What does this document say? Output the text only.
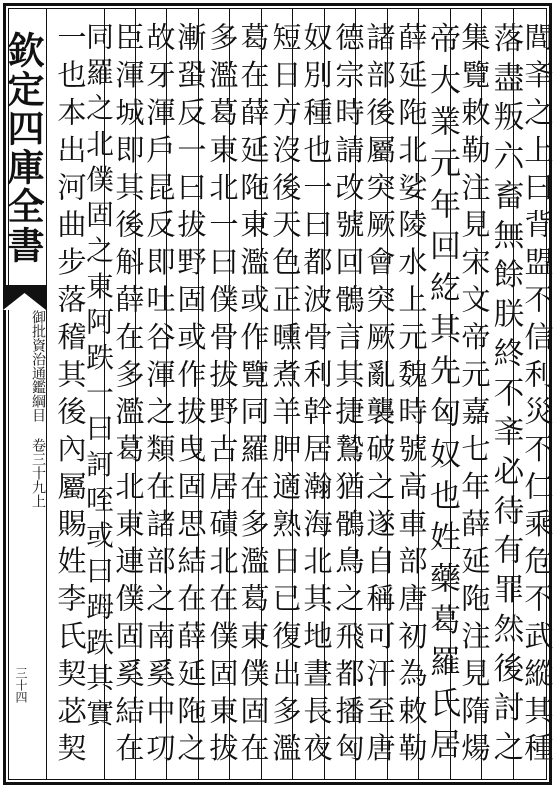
欽定四庫全書
御批資治通鑑綱目 卷三十九上
三十四	閭㪯之上曰背盟不信利災不仁乘危不武縱其種
落盡叛六畜無餘朕終不㪯必待有罪然後討之
集覽敕勒注見宋文帝元嘉七年薛延陁注見隋煬
帝大業元年回紇其先匈奴也姓藥葛羅氏居
薛延陁北娑陵水上元魏時號高車部唐初為敕勒
諸部後屬突厥會突厥亂襲破之遂自稱可汗至唐
德宗時請改號回鶻言其捷鷙猶鶻鳥之飛都播匈
奴別種也一曰都波骨利幹居瀚海北其地晝長夜
短日方沒後天色正曛煮羊胛適熟日已復出多濫
葛在薛延陁東濫或作覽同羅在多濫葛東僕固在
多濫葛東北一曰僕骨拔野古居磧北在僕固東拔
漸蛩反一曰拔野固或作拔曳固思結在薛延陁之
故牙渾戶昆反即吐谷渾之類在諸部之南奚中㓛
臣渾城即其後斛薛在多濫葛北東連僕固奚結在
同羅之北僕固之東阿跌一曰訶咥或曰𧿹跌其實
一也本出河曲步落稽其後內屬賜姓李氏契苾契
